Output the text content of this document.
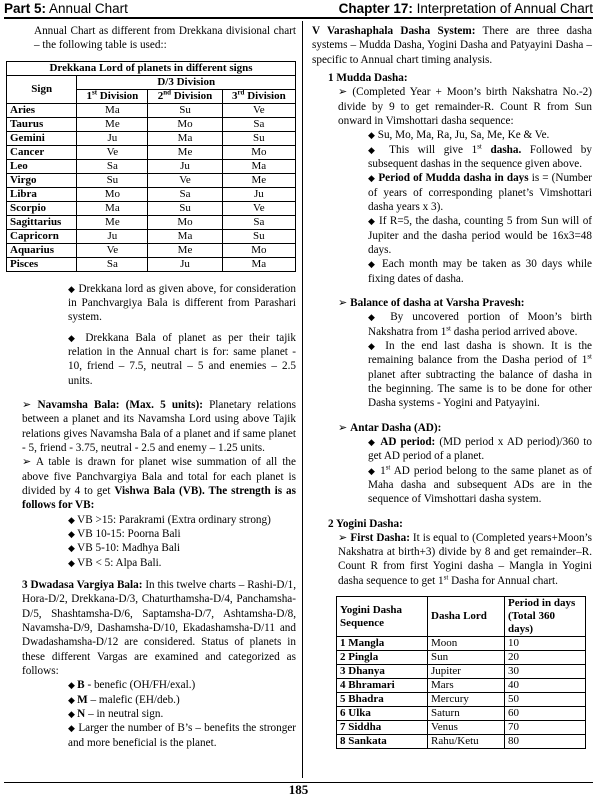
Part 5: Annual Chart	Chapter 17: Interpretation of Annual Chart

Annual Chart as different from Drekkana divisional chart – the following table is used::

Drekkana Lord of planets in different signs			
Sign	D/3 Division		
	1st Division	2nd Division	3rd Division
Aries	Ma	Su	Ve
Taurus	Me	Mo	Sa
Gemini	Ju	Ma	Su
Cancer	Ve	Me	Mo
Leo	Sa	Ju	Ma
Virgo	Su	Ve	Me
Libra	Mo	Sa	Ju
Scorpio	Ma	Su	Ve
Sagittarius	Me	Mo	Sa
Capricorn	Ju	Ma	Su
Aquarius	Ve	Me	Mo
Pisces	Sa	Ju	Ma

◆ Drekkana lord as given above, for consideration in Panchvargiya Bala is different from Parashari system.

◆ Drekkana Bala of planet as per their tajik relation in the Annual chart is for: same planet - 10, friend – 7.5, neutral – 5 and enemies – 2.5 units.

➢ Navamsha Bala: (Max. 5 units): Planetary relations between a planet and its Navamsha Lord using above Tajik relations gives Navamsha Bala of a planet and if same planet - 5, friend - 3.75, neutral - 2.5 and enemy – 1.25 units.

➢ A table is drawn for planet wise summation of all the above five Panchvargiya Bala and total for each planet is divided by 4 to get Vishwa Bala (VB). The strength is as follows for VB:

◆ VB >15: Parakrami (Extra ordinary strong)

◆ VB 10-15: Poorna Bali

◆ VB 5-10: Madhya Bali

◆ VB < 5: Alpa Bali.

3 Dwadasa Vargiya Bala: In this twelve charts – Rashi-D/1, Hora-D/2, Drekkana-D/3, Chaturthamsha-D/4, Panchamsha-D/5, Shashtamsha-D/6, Saptamsha-D/7, Ashtamsha-D/8, Navamsha-D/9, Dashamsha-D/10, Ekadashamsha-D/11 and Dwadashamsha-D/12 are considered. Status of planets in these different Vargas are examined and categorized as follows:

◆ B - benefic (OH/FH/exal.)

◆ M – malefic (EH/deb.)

◆ N – in neutral sign.

◆ Larger the number of B’s – benefits the stronger and more beneficial is the planet.

V Varashaphala Dasha System: There are three dasha systems – Mudda Dasha, Yogini Dasha and Patyayini Dasha – specific to Annual chart timing analysis.

1 Mudda Dasha:

➢ (Completed Year + Moon’s birth Nakshatra No.-2) divide by 9 to get remainder-R. Count R from Sun onward in Vimshottari dasha sequence:

◆ Su, Mo, Ma, Ra, Ju, Sa, Me, Ke & Ve.

◆ This will give 1st dasha. Followed by subsequent dashas in the sequence given above.

◆ Period of Mudda dasha in days is = (Number of years of corresponding planet’s Vimshottari dasha years x 3).

◆ If R=5, the dasha, counting 5 from Sun will of Jupiter and the dasha period would be 16x3=48 days.

◆ Each month may be taken as 30 days while fixing dates of dasha.

➢ Balance of dasha at Varsha Pravesh:

◆ By uncovered portion of Moon’s birth Nakshatra from 1st dasha period arrived above.

◆ In the end last dasha is shown. It is the remaining balance from the Dasha period of 1st planet after subtracting the balance of dasha in the beginning. The same is to be done for other Dasha systems - Yogini and Patyayini.

➢ Antar Dasha (AD):

◆ AD period: (MD period x AD period)/360 to get AD period of a planet.

◆ 1st AD period belong to the same planet as of Maha dasha and subsequent ADs are in the sequence of Vimshottari dasha system.

2 Yogini Dasha:

➢ First Dasha: It is equal to (Completed years+Moon’s Nakshatra at birth+3) divide by 8 and get remainder–R. Count R from first Yogini dasha – Mangla in Yogini dasha sequence to get 1st Dasha for Annual chart.

Yogini Dasha Sequence	Dasha Lord	Period in days (Total 360 days)
1 Mangla	Moon	10
2 Pingla	Sun	20
3 Dhanya	Jupiter	30
4 Bhramari	Mars	40
5 Bhadra	Mercury	50
6 Ulka	Saturn	60
7 Siddha	Venus	70
8 Sankata	Rahu/Ketu	80
185
